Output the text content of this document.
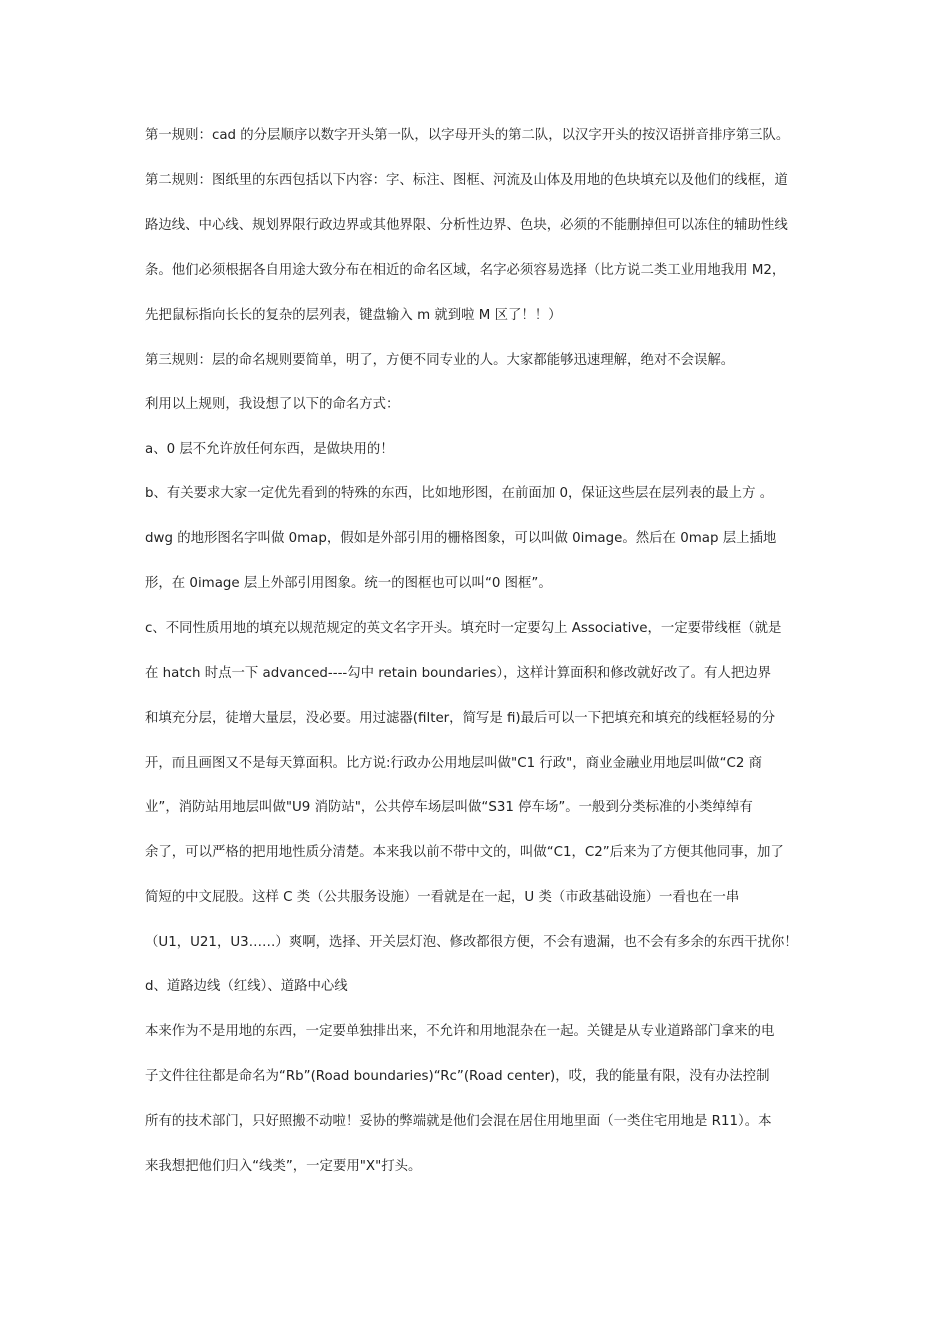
第一规则：cad 的分层顺序以数字开头第一队，以字母开头的第二队，以汉字开头的按汉语拼音排序第三队。
第二规则：图纸里的东西包括以下内容：字、标注、图框、河流及山体及用地的色块填充以及他们的线框，道
路边线、中心线、规划界限行政边界或其他界限、分析性边界、色块，必须的不能删掉但可以冻住的辅助性线
条。他们必须根据各自用途大致分布在相近的命名区域，名字必须容易选择（比方说二类工业用地我用 M2，
先把鼠标指向长长的复杂的层列表，键盘输入 m 就到啦 M 区了！！）
第三规则：层的命名规则要简单，明了，方便不同专业的人。大家都能够迅速理解，绝对不会误解。
利用以上规则，我设想了以下的命名方式：
a、0 层不允许放任何东西，是做块用的！
b、有关要求大家一定优先看到的特殊的东西，比如地形图，在前面加 0，保证这些层在层列表的最上方 。
dwg 的地形图名字叫做 0map，假如是外部引用的栅格图象，可以叫做 0image。然后在 0map 层上插地
形，在 0image 层上外部引用图象。统一的图框也可以叫“0 图框”。
c、不同性质用地的填充以规范规定的英文名字开头。填充时一定要勾上 Associative，一定要带线框（就是
在 hatch 时点一下 advanced----勾中 retain boundaries），这样计算面积和修改就好改了。有人把边界
和填充分层，徒增大量层，没必要。用过滤器(filter，简写是 fi)最后可以一下把填充和填充的线框轻易的分
开，而且画图又不是每天算面积。比方说:行政办公用地层叫做"C1 行政"，商业金融业用地层叫做“C2 商
业”，消防站用地层叫做"U9 消防站"，公共停车场层叫做“S31 停车场”。一般到分类标准的小类绰绰有
余了，可以严格的把用地性质分清楚。本来我以前不带中文的，叫做“C1，C2”后来为了方便其他同事，加了
简短的中文屁股。这样 C 类（公共服务设施）一看就是在一起，U 类（市政基础设施）一看也在一串
（U1，U21，U3……）爽啊，选择、开关层灯泡、修改都很方便，不会有遗漏，也不会有多余的东西干扰你！
d、道路边线（红线）、道路中心线
本来作为不是用地的东西，一定要单独排出来，不允许和用地混杂在一起。关键是从专业道路部门拿来的电
子文件往往都是命名为“Rb”(Road boundaries)“Rc”(Road center)，哎，我的能量有限，没有办法控制
所有的技术部门，只好照搬不动啦！妥协的弊端就是他们会混在居住用地里面（一类住宅用地是 R11）。本
来我想把他们归入“线类”，一定要用"X"打头。
